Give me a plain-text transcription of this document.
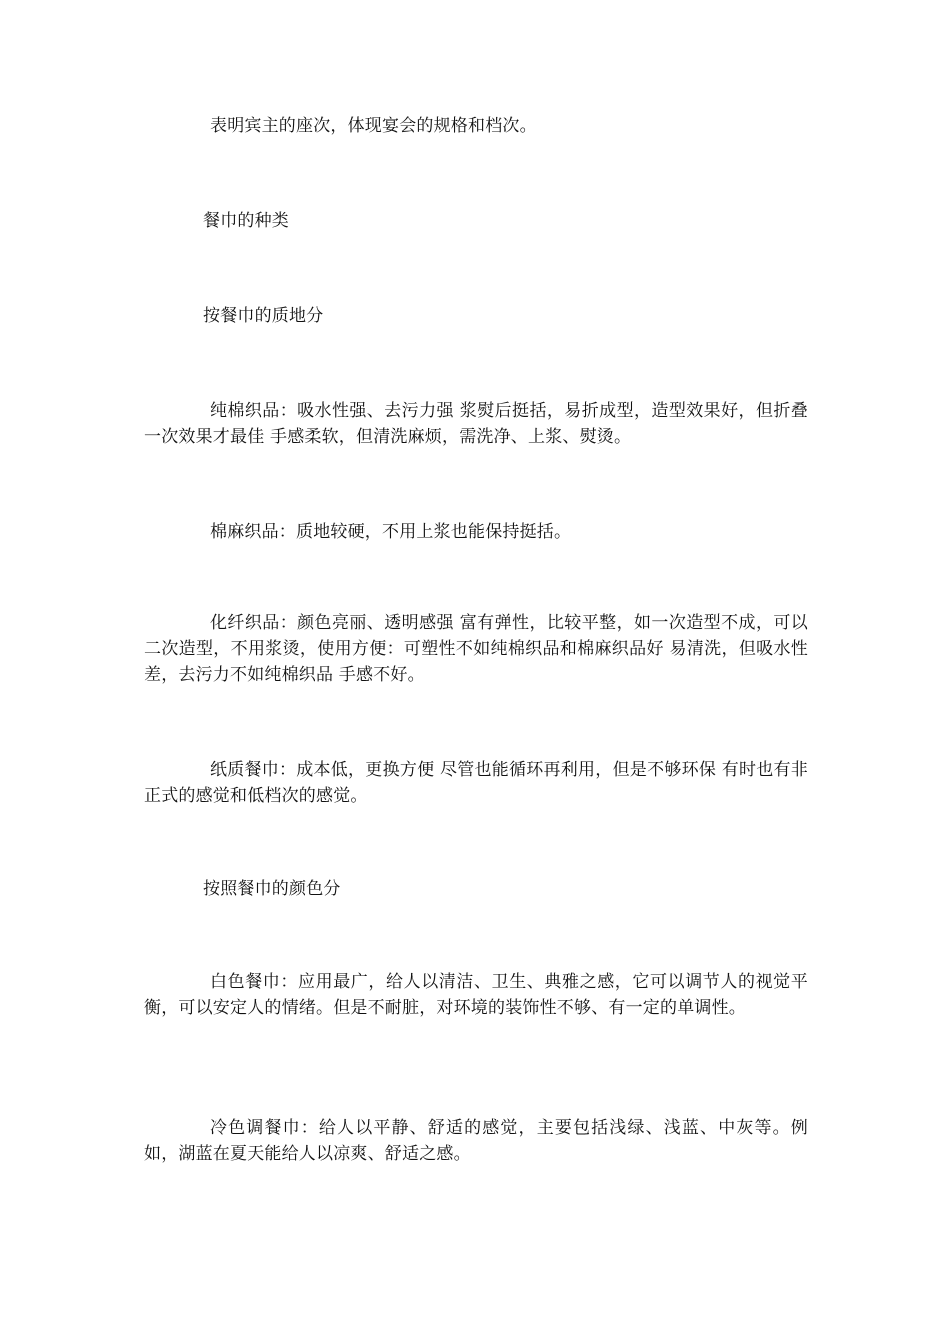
表明宾主的座次，体现宴会的规格和档次。

餐巾的种类

按餐巾的质地分

纯棉织品：吸水性强、去污力强 浆熨后挺括，易折成型，造型效果好，但折叠一次效果才最佳 手感柔软，但清洗麻烦，需洗净、上浆、熨烫。

棉麻织品：质地较硬，不用上浆也能保持挺括。

化纤织品：颜色亮丽、透明感强 富有弹性，比较平整，如一次造型不成，可以二次造型，不用浆烫，使用方便：可塑性不如纯棉织品和棉麻织品好 易清洗，但吸水性差，去污力不如纯棉织品 手感不好。

纸质餐巾：成本低，更换方便 尽管也能循环再利用，但是不够环保 有时也有非正式的感觉和低档次的感觉。

按照餐巾的颜色分

白色餐巾：应用最广，给人以清洁、卫生、典雅之感，它可以调节人的视觉平衡，可以安定人的情绪。但是不耐脏，对环境的装饰性不够、有一定的单调性。

冷色调餐巾：给人以平静、舒适的感觉，主要包括浅绿、浅蓝、中灰等。例如，湖蓝在夏天能给人以凉爽、舒适之感。
